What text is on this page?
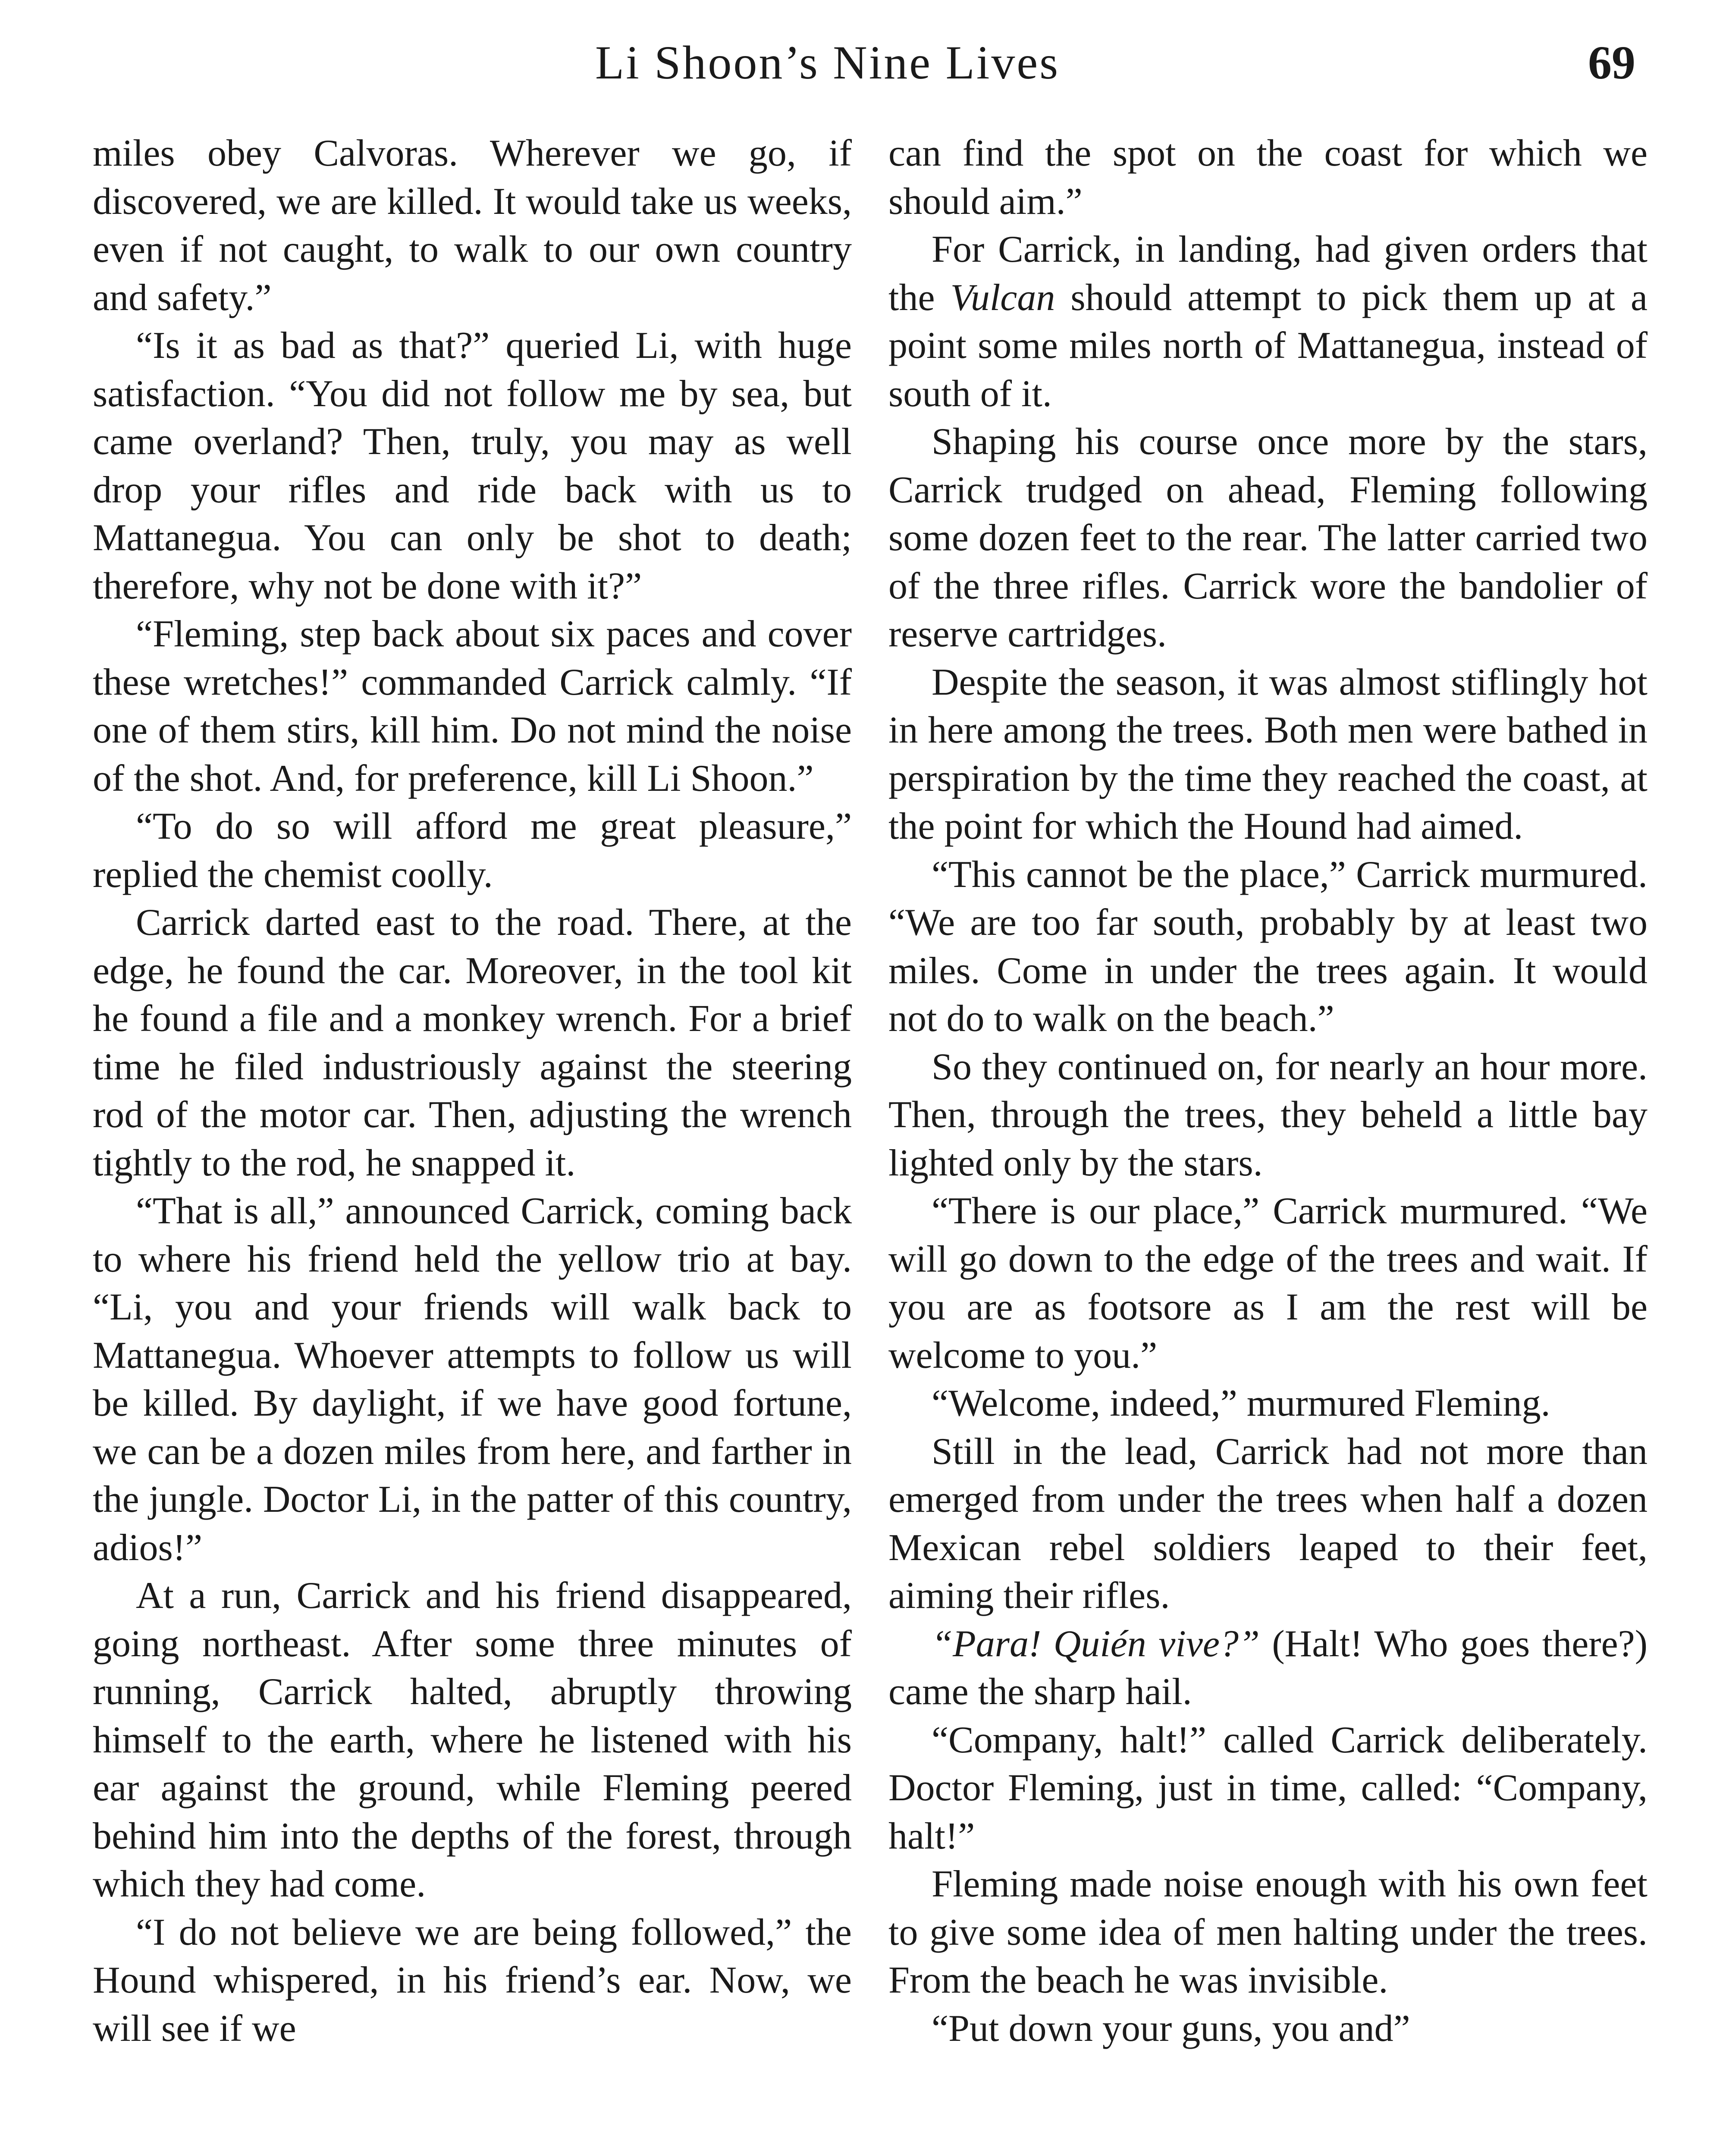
Li Shoon’s Nine Lives	69

miles obey Calvoras. Wherever we go, if discovered, we are killed. It would take us weeks, even if not caught, to walk to our own country and safety.”

“Is it as bad as that?” queried Li, with huge satisfaction. “You did not follow me by sea, but came overland? Then, truly, you may as well drop your rifles and ride back with us to Mattanegua. You can only be shot to death; therefore, why not be done with it?”

“Fleming, step back about six paces and cover these wretches!” commanded Carrick calmly. “If one of them stirs, kill him. Do not mind the noise of the shot. And, for preference, kill Li Shoon.”

“To do so will afford me great pleasure,” replied the chemist coolly.

Carrick darted east to the road. There, at the edge, he found the car. Moreover, in the tool kit he found a file and a monkey wrench. For a brief time he filed industriously against the steering rod of the motor car. Then, adjusting the wrench tightly to the rod, he snapped it.

“That is all,” announced Carrick, coming back to where his friend held the yellow trio at bay. “Li, you and your friends will walk back to Mattanegua. Whoever attempts to follow us will be killed. By daylight, if we have good fortune, we can be a dozen miles from here, and farther in the jungle. Doctor Li, in the patter of this country, adios!”

At a run, Carrick and his friend disappeared, going northeast. After some three minutes of running, Carrick halted, abruptly throwing himself to the earth, where he listened with his ear against the ground, while Fleming peered behind him into the depths of the forest, through which they had come.

“I do not believe we are being followed,” the Hound whispered, in his friend’s ear. Now, we will see if we

can find the spot on the coast for which we should aim.”

For Carrick, in landing, had given orders that the Vulcan should attempt to pick them up at a point some miles north of Mattanegua, instead of south of it.

Shaping his course once more by the stars, Carrick trudged on ahead, Fleming following some dozen feet to the rear. The latter carried two of the three rifles. Carrick wore the bandolier of reserve cartridges.

Despite the season, it was almost stiflingly hot in here among the trees. Both men were bathed in perspiration by the time they reached the coast, at the point for which the Hound had aimed.

“This cannot be the place,” Carrick murmured. “We are too far south, probably by at least two miles. Come in under the trees again. It would not do to walk on the beach.”

So they continued on, for nearly an hour more. Then, through the trees, they beheld a little bay lighted only by the stars.

“There is our place,” Carrick murmured. “We will go down to the edge of the trees and wait. If you are as footsore as I am the rest will be welcome to you.”

“Welcome, indeed,” murmured Fleming.

Still in the lead, Carrick had not more than emerged from under the trees when half a dozen Mexican rebel soldiers leaped to their feet, aiming their rifles.

“Para! Quién vive?” (Halt! Who goes there?) came the sharp hail.

“Company, halt!” called Carrick deliberately. Doctor Fleming, just in time, called: “Company, halt!”

Fleming made noise enough with his own feet to give some idea of men halting under the trees. From the beach he was invisible.

“Put down your guns, you and”
